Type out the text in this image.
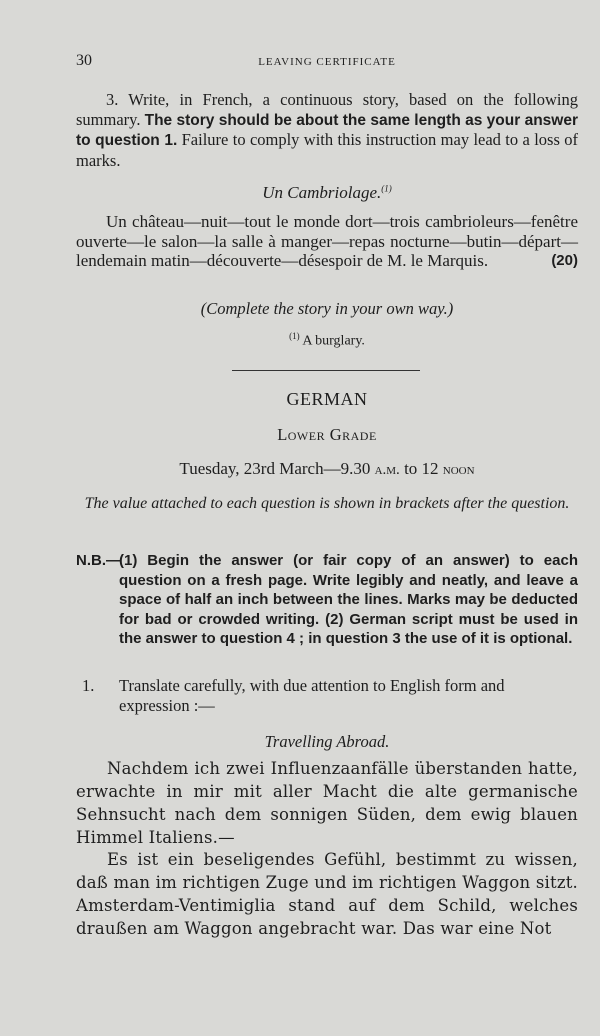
30	LEAVING CERTIFICATE
3. Write, in French, a continuous story, based on the following summary. The story should be about the same length as your answer to question 1. Failure to comply with this instruction may lead to a loss of marks.
Un Cambriolage.$^{(1)}$
Un château—nuit—tout le monde dort—trois cambrioleurs—fenêtre ouverte—le salon—la salle à manger—repas nocturne—butin—départ—lendemain matin—découverte—désespoir de M. le Marquis.	(20)
(Complete the story in your own way.)
$^{(1)}$ A burglary.
GERMAN
Lower Grade
Tuesday, 23rd March—9.30 a.m. to 12 noon
The value attached to each question is shown in brackets after the question.
N.B.—
(1) Begin the answer (or fair copy of an answer) to each question on a fresh page. Write legibly and neatly, and leave a space of half an inch between the lines. Marks may be deducted for bad or crowded writing. (2) German script must be used in the answer to question 4 ; in question 3 the use of it is optional.
1. Translate carefully, with due attention to English form and expression :—
Travelling Abroad.
Nachdem ich zwei Influenzaanfälle überstanden hatte, erwachte in mir mit aller Macht die alte germanische Sehnsucht nach dem sonnigen Süden, dem ewig blauen Himmel Italiens.—
Es ist ein beseligendes Gefühl, bestimmt zu wissen, daß man im richtigen Zuge und im richtigen Waggon sitzt. Amsterdam-Ventimiglia stand auf dem Schild, welches draußen am Waggon angebracht war. Das war eine Not
